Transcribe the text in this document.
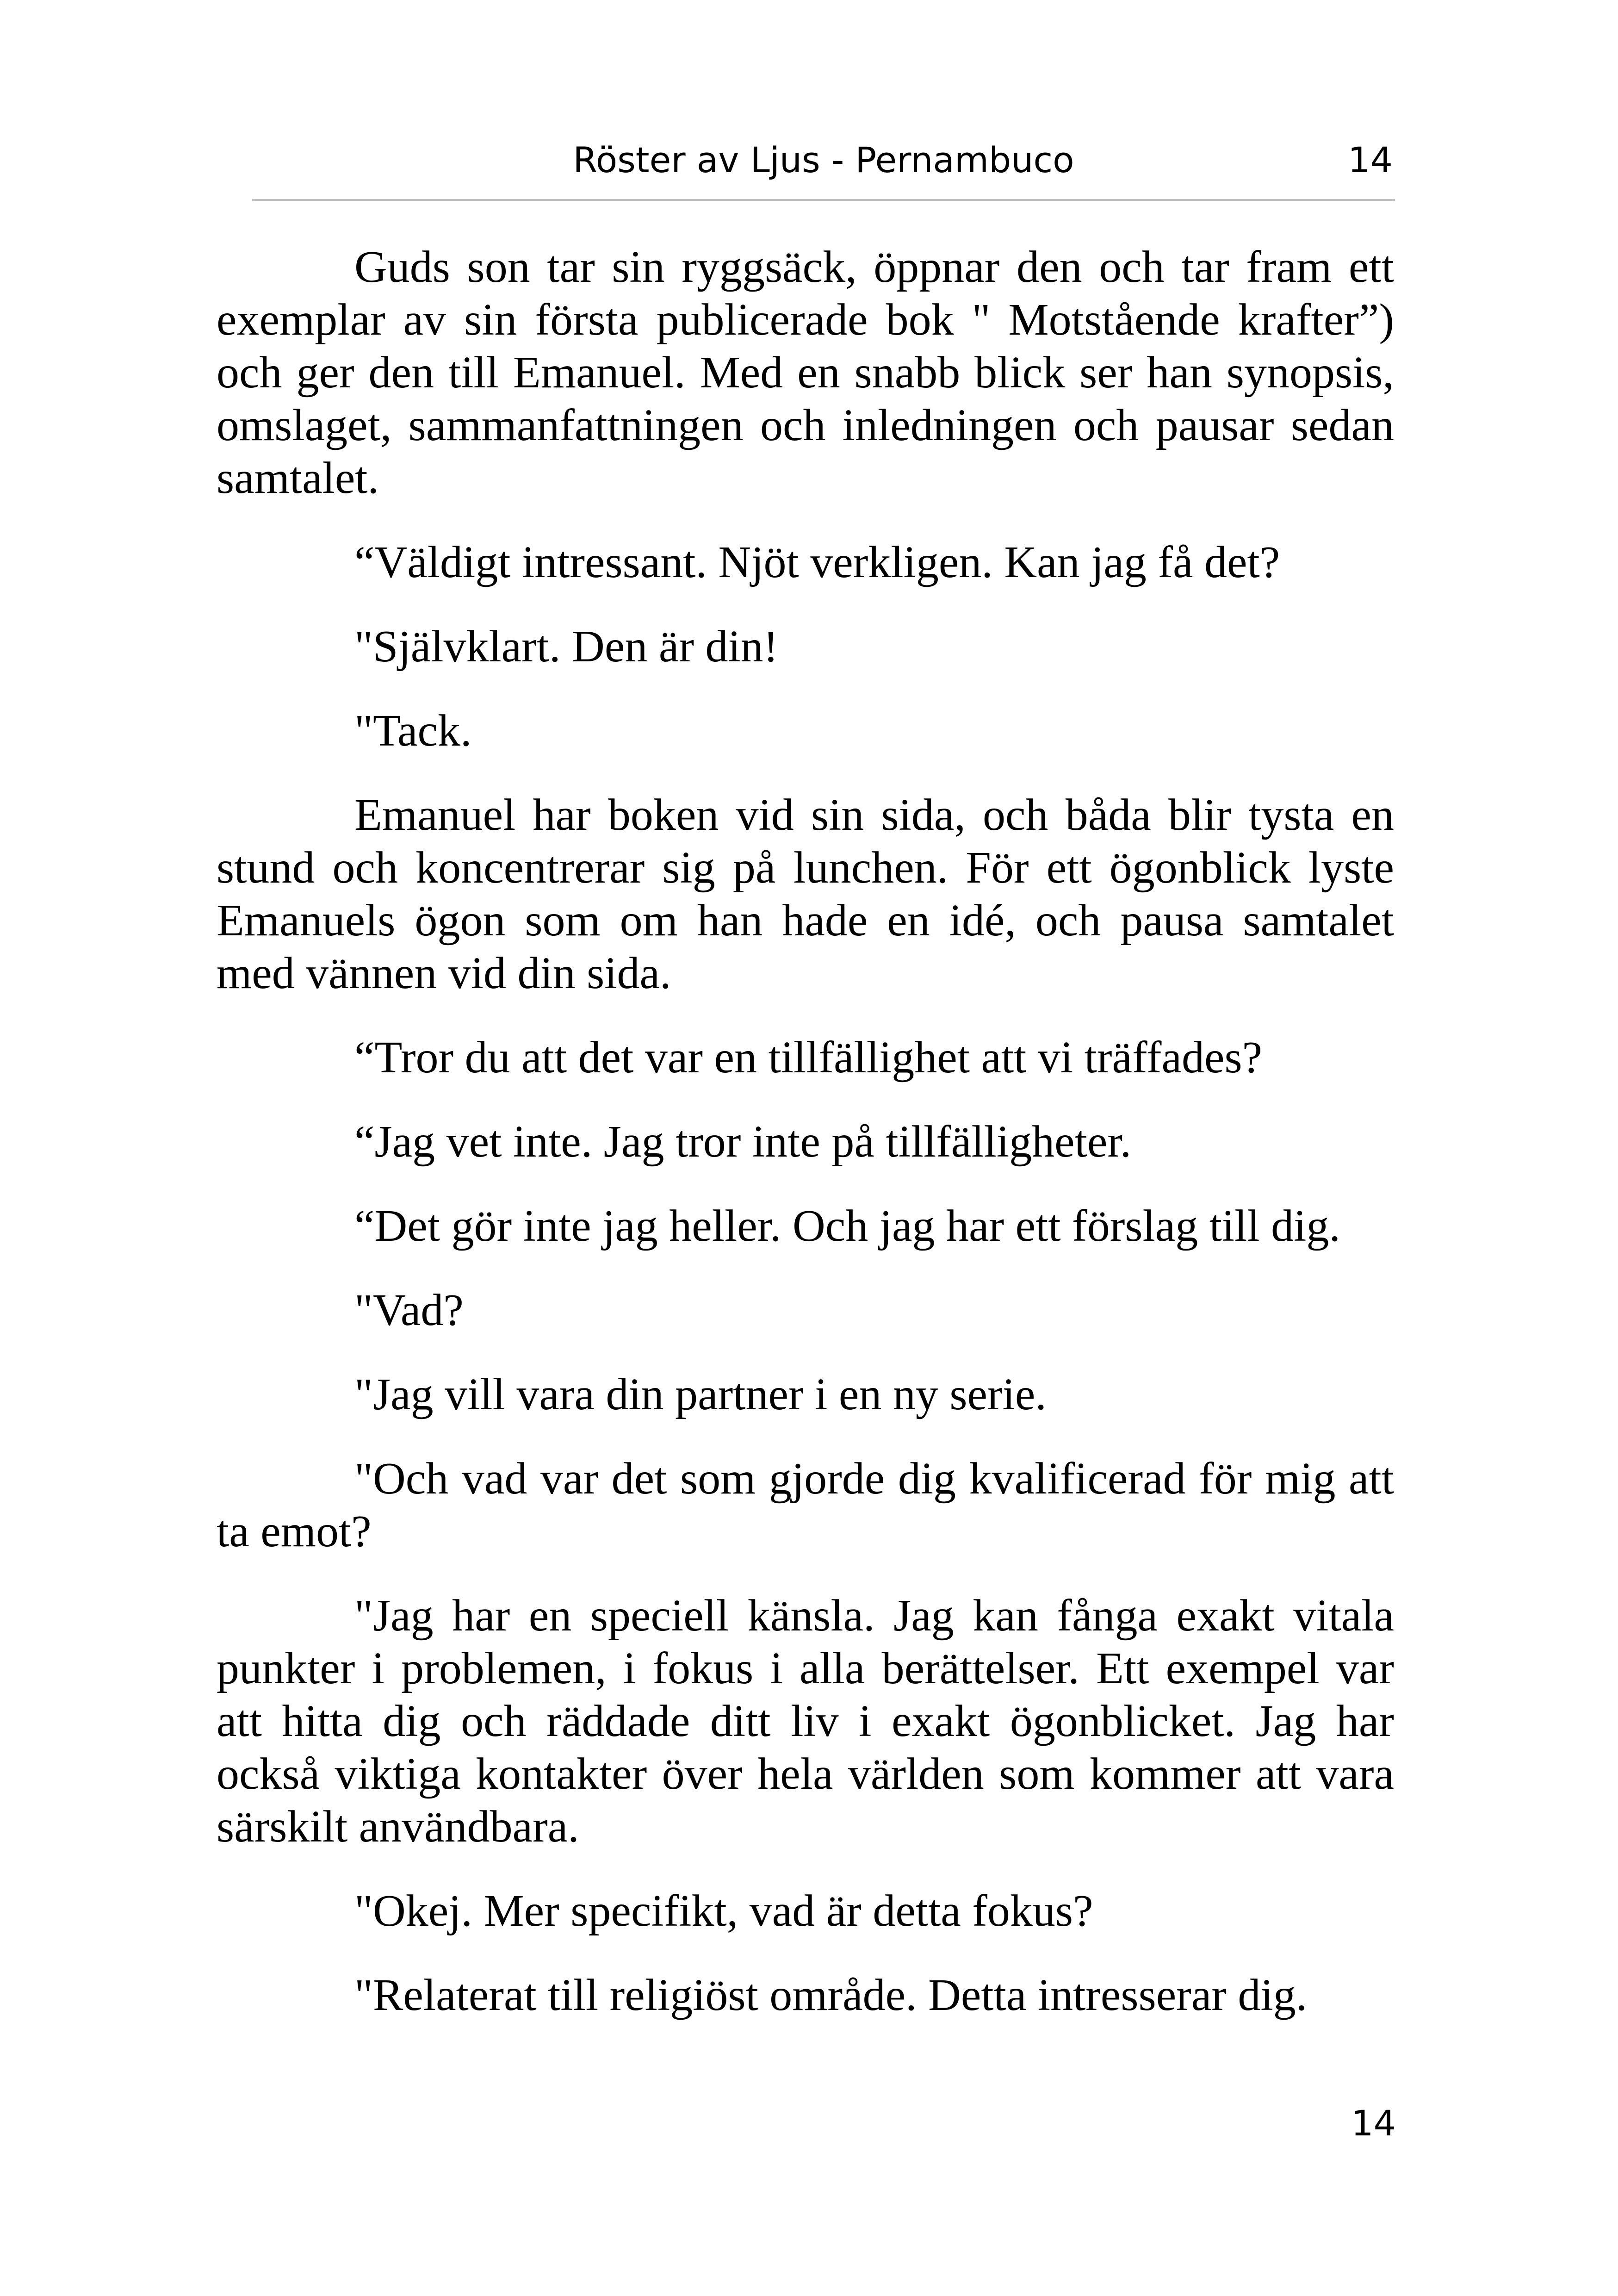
Röster av Ljus - Pernambuco	14

Guds son tar sin ryggsäck, öppnar den och tar fram ett exemplar av sin första publicerade bok " Motstående krafter”) och ger den till Emanuel. Med en snabb blick ser han synopsis, omslaget, sammanfattningen och inledningen och pausar sedan samtalet.

“Väldigt intressant. Njöt verkligen. Kan jag få det?

"Självklart. Den är din!

"Tack.

Emanuel har boken vid sin sida, och båda blir tysta en stund och koncentrerar sig på lunchen. För ett ögonblick lyste Emanuels ögon som om han hade en idé, och pausa samtalet med vännen vid din sida.

“Tror du att det var en tillfällighet att vi träffades?

“Jag vet inte. Jag tror inte på tillfälligheter.

“Det gör inte jag heller. Och jag har ett förslag till dig.

"Vad?

"Jag vill vara din partner i en ny serie.

"Och vad var det som gjorde dig kvalificerad för mig att ta emot?

"Jag har en speciell känsla. Jag kan fånga exakt vitala punkter i problemen, i fokus i alla berättelser. Ett exempel var att hitta dig och räddade ditt liv i exakt ögonblicket. Jag har också viktiga kontakter över hela världen som kommer att vara särskilt användbara.

"Okej. Mer specifikt, vad är detta fokus?

"Relaterat till religiöst område. Detta intresserar dig.

14
